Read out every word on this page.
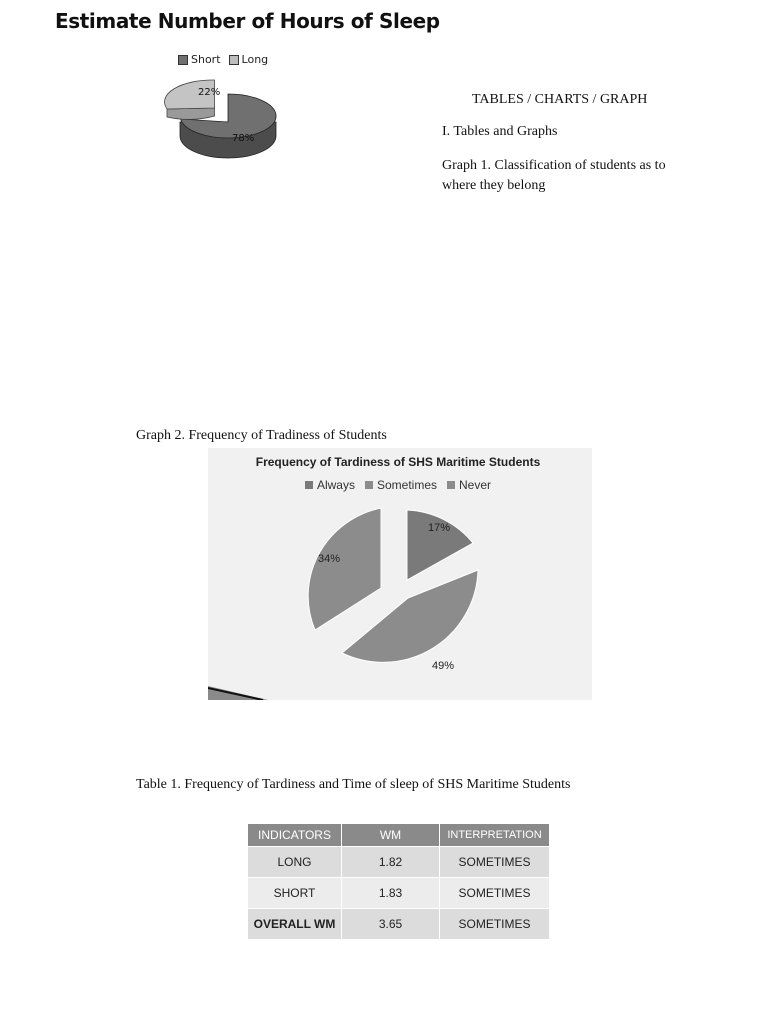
Estimate Number of Hours of Sleep
Short Long
22%
78%
TABLES / CHARTS / GRAPH
I. Tables and Graphs
Graph 1. Classification of students as to where they belong
Graph 2. Frequency of Tradiness of Students
Frequency of Tardiness of SHS Maritime Students
Always	Sometimes	Never
17%
34%
49%
Table 1. Frequency of Tardiness and Time of sleep of SHS Maritime Students
INDICATORS	WM	INTERPRETATION
LONG	1.82	SOMETIMES
SHORT	1.83	SOMETIMES
OVERALL WM	3.65	SOMETIMES
